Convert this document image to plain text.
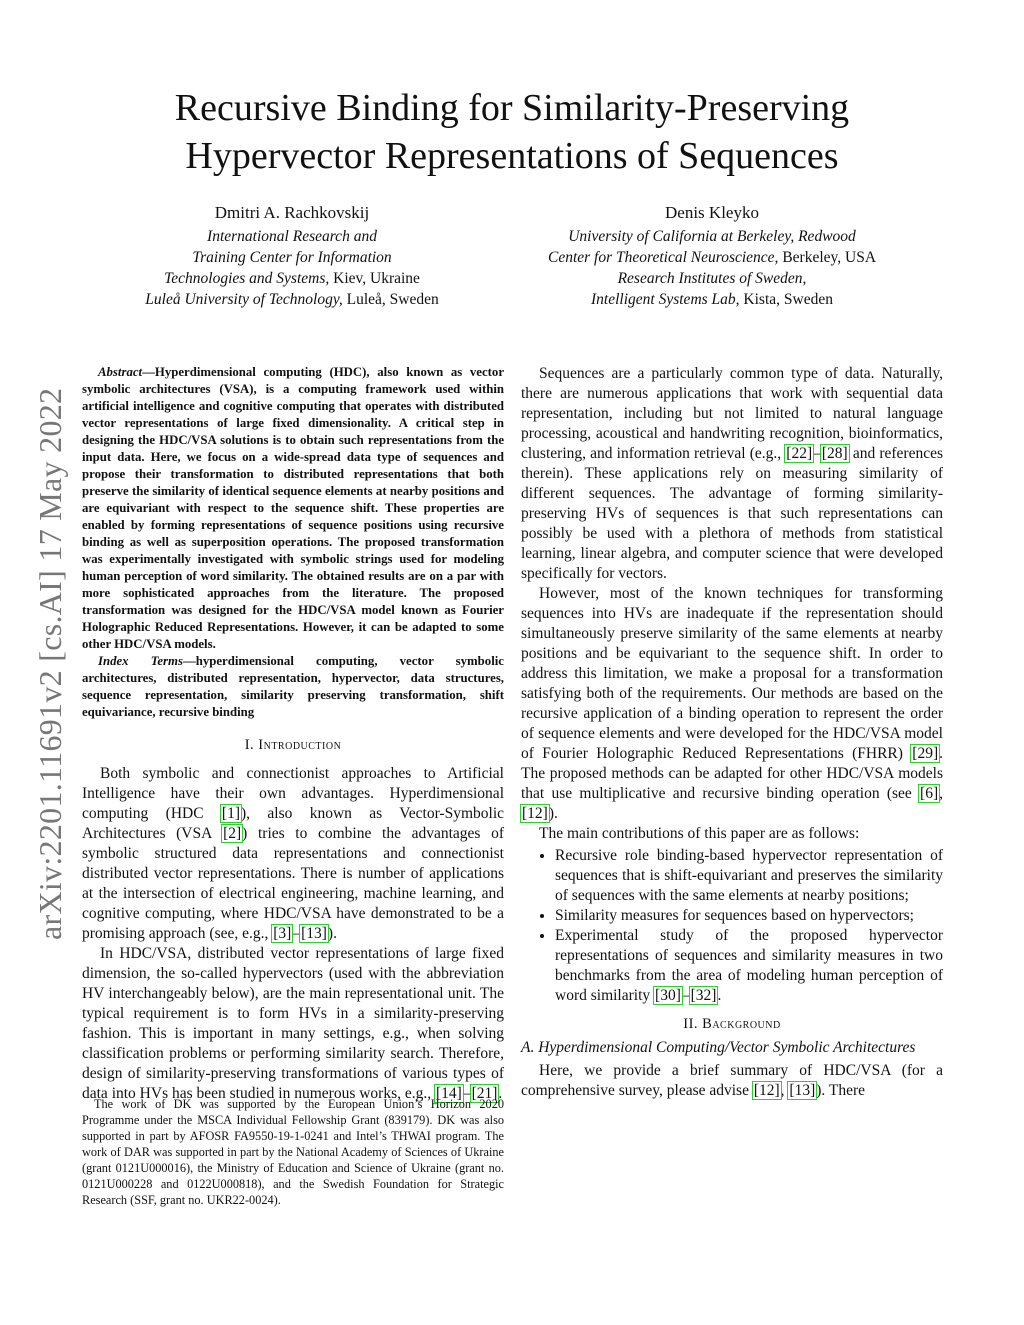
Recursive Binding for Similarity-Preserving
Hypervector Representations of Sequences
Dmitri A. Rachkovskij
International Research and
Training Center for Information
Technologies and Systems, Kiev, Ukraine
Luleå University of Technology, Luleå, Sweden
Denis Kleyko
University of California at Berkeley, Redwood
Center for Theoretical Neuroscience, Berkeley, USA
Research Institutes of Sweden,
Intelligent Systems Lab, Kista, Sweden
arXiv:2201.11691v2 [cs.AI] 17 May 2022

Abstract—Hyperdimensional computing (HDC), also known as vector symbolic architectures (VSA), is a computing framework used within artificial intelligence and cognitive computing that operates with distributed vector representations of large fixed dimensionality. A critical step in designing the HDC/VSA solutions is to obtain such representations from the input data. Here, we focus on a wide-spread data type of sequences and propose their transformation to distributed representations that both preserve the similarity of identical sequence elements at nearby positions and are equivariant with respect to the sequence shift. These properties are enabled by forming representations of sequence positions using recursive binding as well as superposition operations. The proposed transformation was experimentally investigated with symbolic strings used for modeling human perception of word similarity. The obtained results are on a par with more sophisticated approaches from the literature. The proposed transformation was designed for the HDC/VSA model known as Fourier Holographic Reduced Representations. However, it can be adapted to some other HDC/VSA models.

Index Terms—hyperdimensional computing, vector symbolic architectures, distributed representation, hypervector, data structures, sequence representation, similarity preserving transformation, shift equivariance, recursive binding

I. Introduction

Both symbolic and connectionist approaches to Artificial Intelligence have their own advantages. Hyperdimensional computing (HDC [1]), also known as Vector-Symbolic Architectures (VSA [2]) tries to combine the advantages of symbolic structured data representations and connectionist distributed vector representations. There is number of applications at the intersection of electrical engineering, machine learning, and cognitive computing, where HDC/VSA have demonstrated to be a promising approach (see, e.g., [3]–[13]).

In HDC/VSA, distributed vector representations of large fixed dimension, the so-called hypervectors (used with the abbreviation HV interchangeably below), are the main representational unit. The typical requirement is to form HVs in a similarity-preserving fashion. This is important in many settings, e.g., when solving classification problems or performing similarity search. Therefore, design of similarity-preserving transformations of various types of data into HVs has been studied in numerous works, e.g., [14]–[21].

Sequences are a particularly common type of data. Naturally, there are numerous applications that work with sequential data representation, including but not limited to natural language processing, acoustical and handwriting recognition, bioinformatics, clustering, and information retrieval (e.g., [22]–[28] and references therein). These applications rely on measuring similarity of different sequences. The advantage of forming similarity-preserving HVs of sequences is that such representations can possibly be used with a plethora of methods from statistical learning, linear algebra, and computer science that were developed specifically for vectors.

However, most of the known techniques for transforming sequences into HVs are inadequate if the representation should simultaneously preserve similarity of the same elements at nearby positions and be equivariant to the sequence shift. In order to address this limitation, we make a proposal for a transformation satisfying both of the requirements. Our methods are based on the recursive application of a binding operation to represent the order of sequence elements and were developed for the HDC/VSA model of Fourier Holographic Reduced Representations (FHRR) [29]. The proposed methods can be adapted for other HDC/VSA models that use multiplicative and recursive binding operation (see [6], [12]).

The main contributions of this paper are as follows:

• Recursive role binding-based hypervector representation of sequences that is shift-equivariant and preserves the similarity of sequences with the same elements at nearby positions;
• Similarity measures for sequences based on hypervectors;
• Experimental study of the proposed hypervector representations of sequences and similarity measures in two benchmarks from the area of modeling human perception of word similarity [30]–[32].
II. Background
A. Hyperdimensional Computing/Vector Symbolic Architectures

Here, we provide a brief summary of HDC/VSA (for a comprehensive survey, please advise [12], [13]). There

The work of DK was supported by the European Union’s Horizon 2020 Programme under the MSCA Individual Fellowship Grant (839179). DK was also supported in part by AFOSR FA9550-19-1-0241 and Intel’s THWAI program. The work of DAR was supported in part by the National Academy of Sciences of Ukraine (grant 0121U000016), the Ministry of Education and Science of Ukraine (grant no. 0121U000228 and 0122U000818), and the Swedish Foundation for Strategic Research (SSF, grant no. UKR22-0024).
